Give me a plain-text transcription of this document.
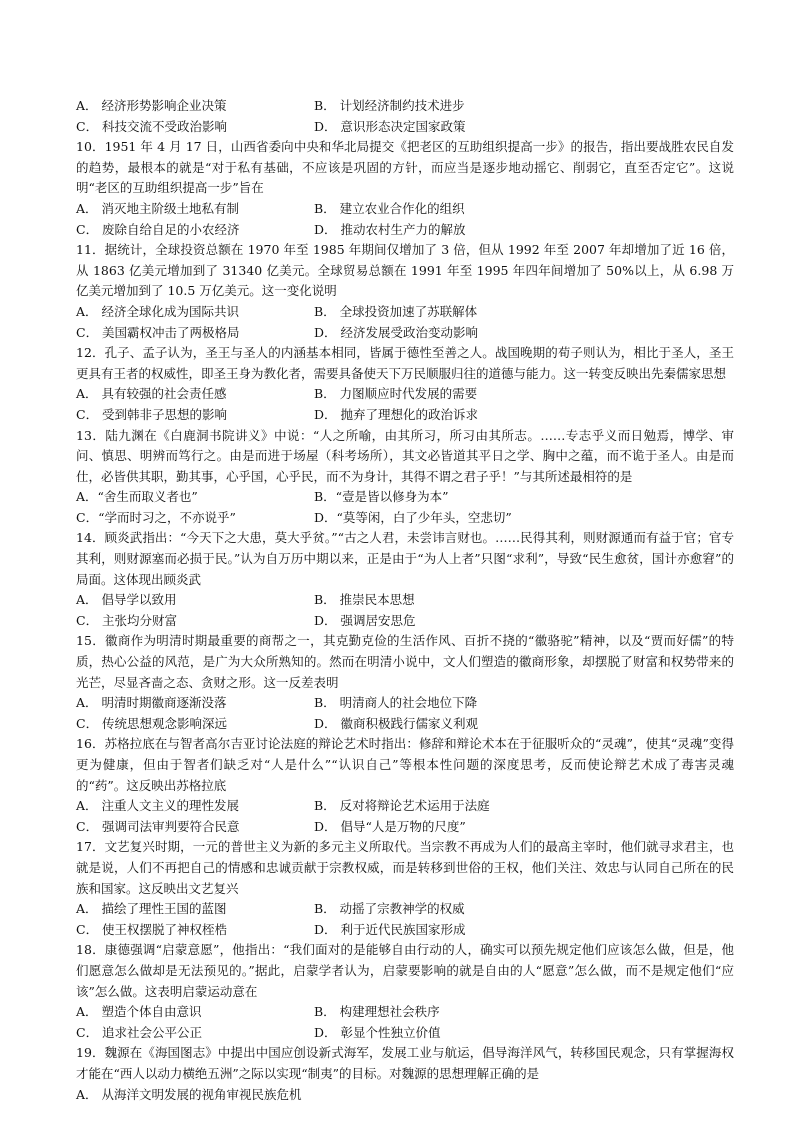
A． 经济形势影响企业决策	B． 计划经济制约技术进步
C． 科技交流不受政治影响	D． 意识形态决定国家政策

10．1951 年 4 月 17 日，山西省委向中央和华北局提交《把老区的互助组织提高一步》的报告，指出要战胜农民自发的趋势，最根本的就是“对于私有基础，不应该是巩固的方针，而应当是逐步地动摇它、削弱它，直至否定它”。这说明“老区的互助组织提高一步”旨在

A． 消灭地主阶级土地私有制	B． 建立农业合作化的组织
C． 废除自给自足的小农经济	D． 推动农村生产力的解放

11．据统计，全球投资总额在 1970 年至 1985 年期间仅增加了 3 倍，但从 1992 年至 2007 年却增加了近 16 倍，从 1863 亿美元增加到了 31340 亿美元。全球贸易总额在 1991 年至 1995 年四年间增加了 50%以上，从 6.98 万亿美元增加到了 10.5 万亿美元。这一变化说明

A． 经济全球化成为国际共识	B． 全球投资加速了苏联解体
C． 美国霸权冲击了两极格局	D． 经济发展受政治变动影响

12．孔子、孟子认为，圣王与圣人的内涵基本相同，皆属于德性至善之人。战国晚期的荀子则认为，相比于圣人，圣王更具有王者的权威性，即圣王身为教化者，需要具备使天下万民顺服归往的道德与能力。这一转变反映出先秦儒家思想

A． 具有较强的社会责任感	B． 力图顺应时代发展的需要
C． 受到韩非子思想的影响	D． 抛弃了理想化的政治诉求

13．陆九渊在《白鹿洞书院讲义》中说：“人之所喻，由其所习，所习由其所志。……专志乎义而日勉焉，博学、审问、慎思、明辨而笃行之。由是而进于场屋（科考场所），其文必皆道其平日之学、胸中之蕴，而不诡于圣人。由是而仕，必皆供其职，勤其事，心乎国，心乎民，而不为身计，其得不谓之君子乎！”与其所述最相符的是

A．“舍生而取义者也”	B．“壹是皆以修身为本”
C．“学而时习之，不亦说乎”	D．“莫等闲，白了少年头，空悲切”

14．顾炎武指出：“今天下之大患，莫大乎贫。”“古之人君，未尝讳言财也。……民得其利，则财源通而有益于官；官专其利，则财源塞而必损于民。”认为自万历中期以来，正是由于“为人上者”只图“求利”，导致“民生愈贫，国计亦愈窘”的局面。这体现出顾炎武

A． 倡导学以致用	B． 推崇民本思想
C． 主张均分财富	D． 强调居安思危

15．徽商作为明清时期最重要的商帮之一，其克勤克俭的生活作风、百折不挠的“徽骆驼”精神，以及“贾而好儒”的特质，热心公益的风范，是广为大众所熟知的。然而在明清小说中，文人们塑造的徽商形象，却摆脱了财富和权势带来的光芒，尽显吝啬之态、贪财之形。这一反差表明

A． 明清时期徽商逐渐没落	B． 明清商人的社会地位下降
C． 传统思想观念影响深远	D． 徽商积极践行儒家义利观

16．苏格拉底在与智者高尔吉亚讨论法庭的辩论艺术时指出：修辞和辩论术本在于征服听众的“灵魂”，使其“灵魂”变得更为健康，但由于智者们缺乏对“人是什么”“认识自己”等根本性问题的深度思考，反而使论辩艺术成了毒害灵魂的“药”。这反映出苏格拉底

A． 注重人文主义的理性发展	B． 反对将辩论艺术运用于法庭
C． 强调司法审判要符合民意	D． 倡导“人是万物的尺度”

17．文艺复兴时期，一元的普世主义为新的多元主义所取代。当宗教不再成为人们的最高主宰时，他们就寻求君主，也就是说，人们不再把自己的情感和忠诚贡献于宗教权威，而是转移到世俗的王权，他们关注、效忠与认同自己所在的民族和国家。这反映出文艺复兴

A． 描绘了理性王国的蓝图	B． 动摇了宗教神学的权威
C． 使王权摆脱了神权桎梏	D． 利于近代民族国家形成

18．康德强调“启蒙意愿”，他指出：“我们面对的是能够自由行动的人，确实可以预先规定他们应该怎么做，但是，他们愿意怎么做却是无法预见的。”据此，启蒙学者认为，启蒙要影响的就是自由的人“愿意”怎么做，而不是规定他们“应该”怎么做。这表明启蒙运动意在

A． 塑造个体自由意识	B． 构建理想社会秩序
C． 追求社会公平公正	D． 彰显个性独立价值

19．魏源在《海国图志》中提出中国应创设新式海军，发展工业与航运，倡导海洋风气，转移国民观念，只有掌握海权才能在“西人以动力横绝五洲”之际以实现“制夷”的目标。对魏源的思想理解正确的是

A． 从海洋文明发展的视角审视民族危机
